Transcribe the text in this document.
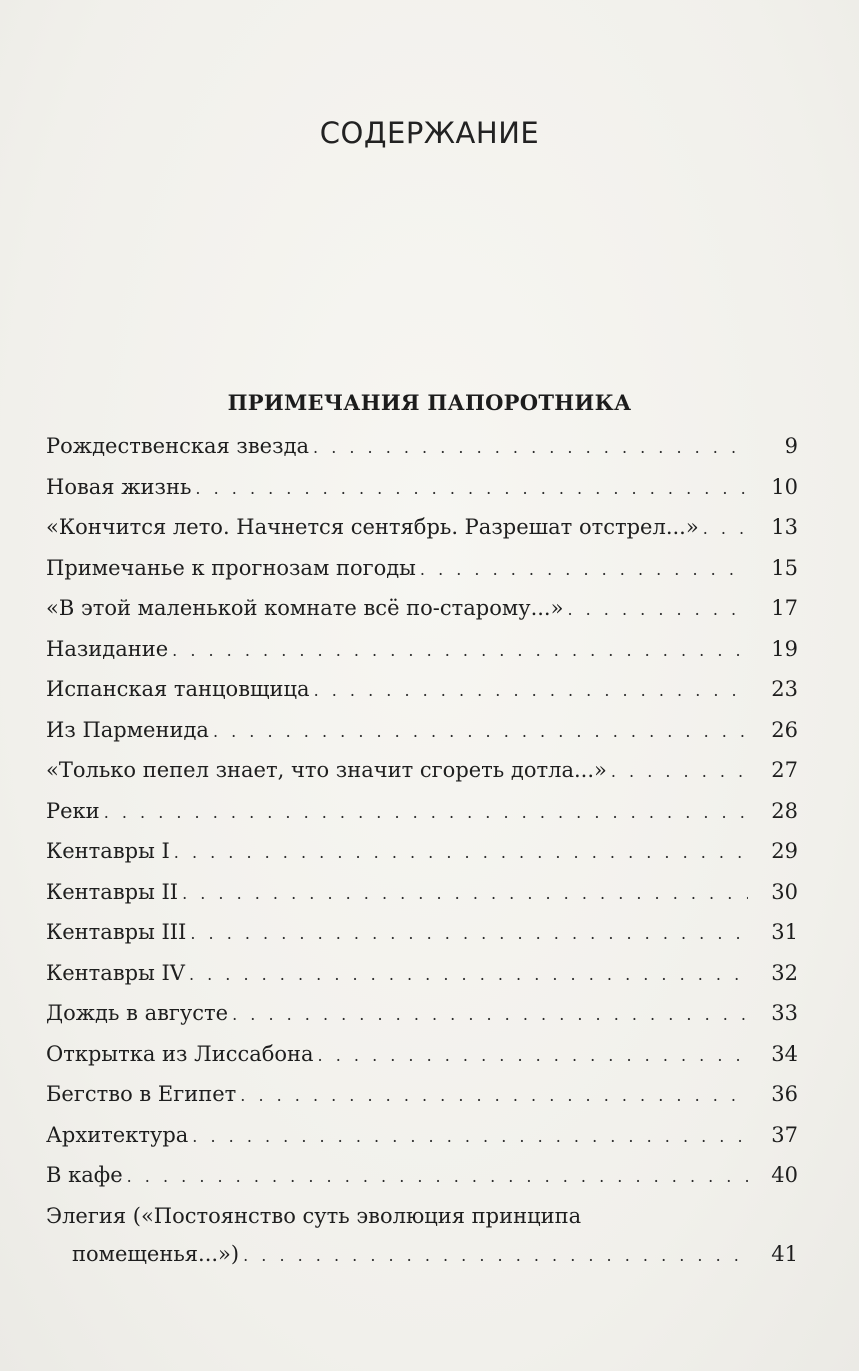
СОДЕРЖАНИЕ
ПРИМЕЧАНИЯ ПАПОРОТНИКА
Рождественская звезда . . .	9
Новая жизнь . . .	10
«Кончится лето. Начнется сентябрь. Разрешат отстрел...» . . .	13
Примечанье к прогнозам погоды . . .	15
«В этой маленькой комнате всё по-старому...» . . .	17
Назидание . . .	19
Испанская танцовщица . . .	23
Из Парменида . . .	26
«Только пепел знает, что значит сгореть дотла...» . . .	27
Реки . . .	28
Кентавры I . . .	29
Кентавры II . . .	30
Кентавры III . . .	31
Кентавры IV . . .	32
Дождь в августе . . .	33
Открытка из Лиссабона . . .	34
Бегство в Египет . . .	36
Архитектура . . .	37
В кафе . . .	40
Элегия («Постоянство суть эволюция принципа
помещенья...») . . .	41
